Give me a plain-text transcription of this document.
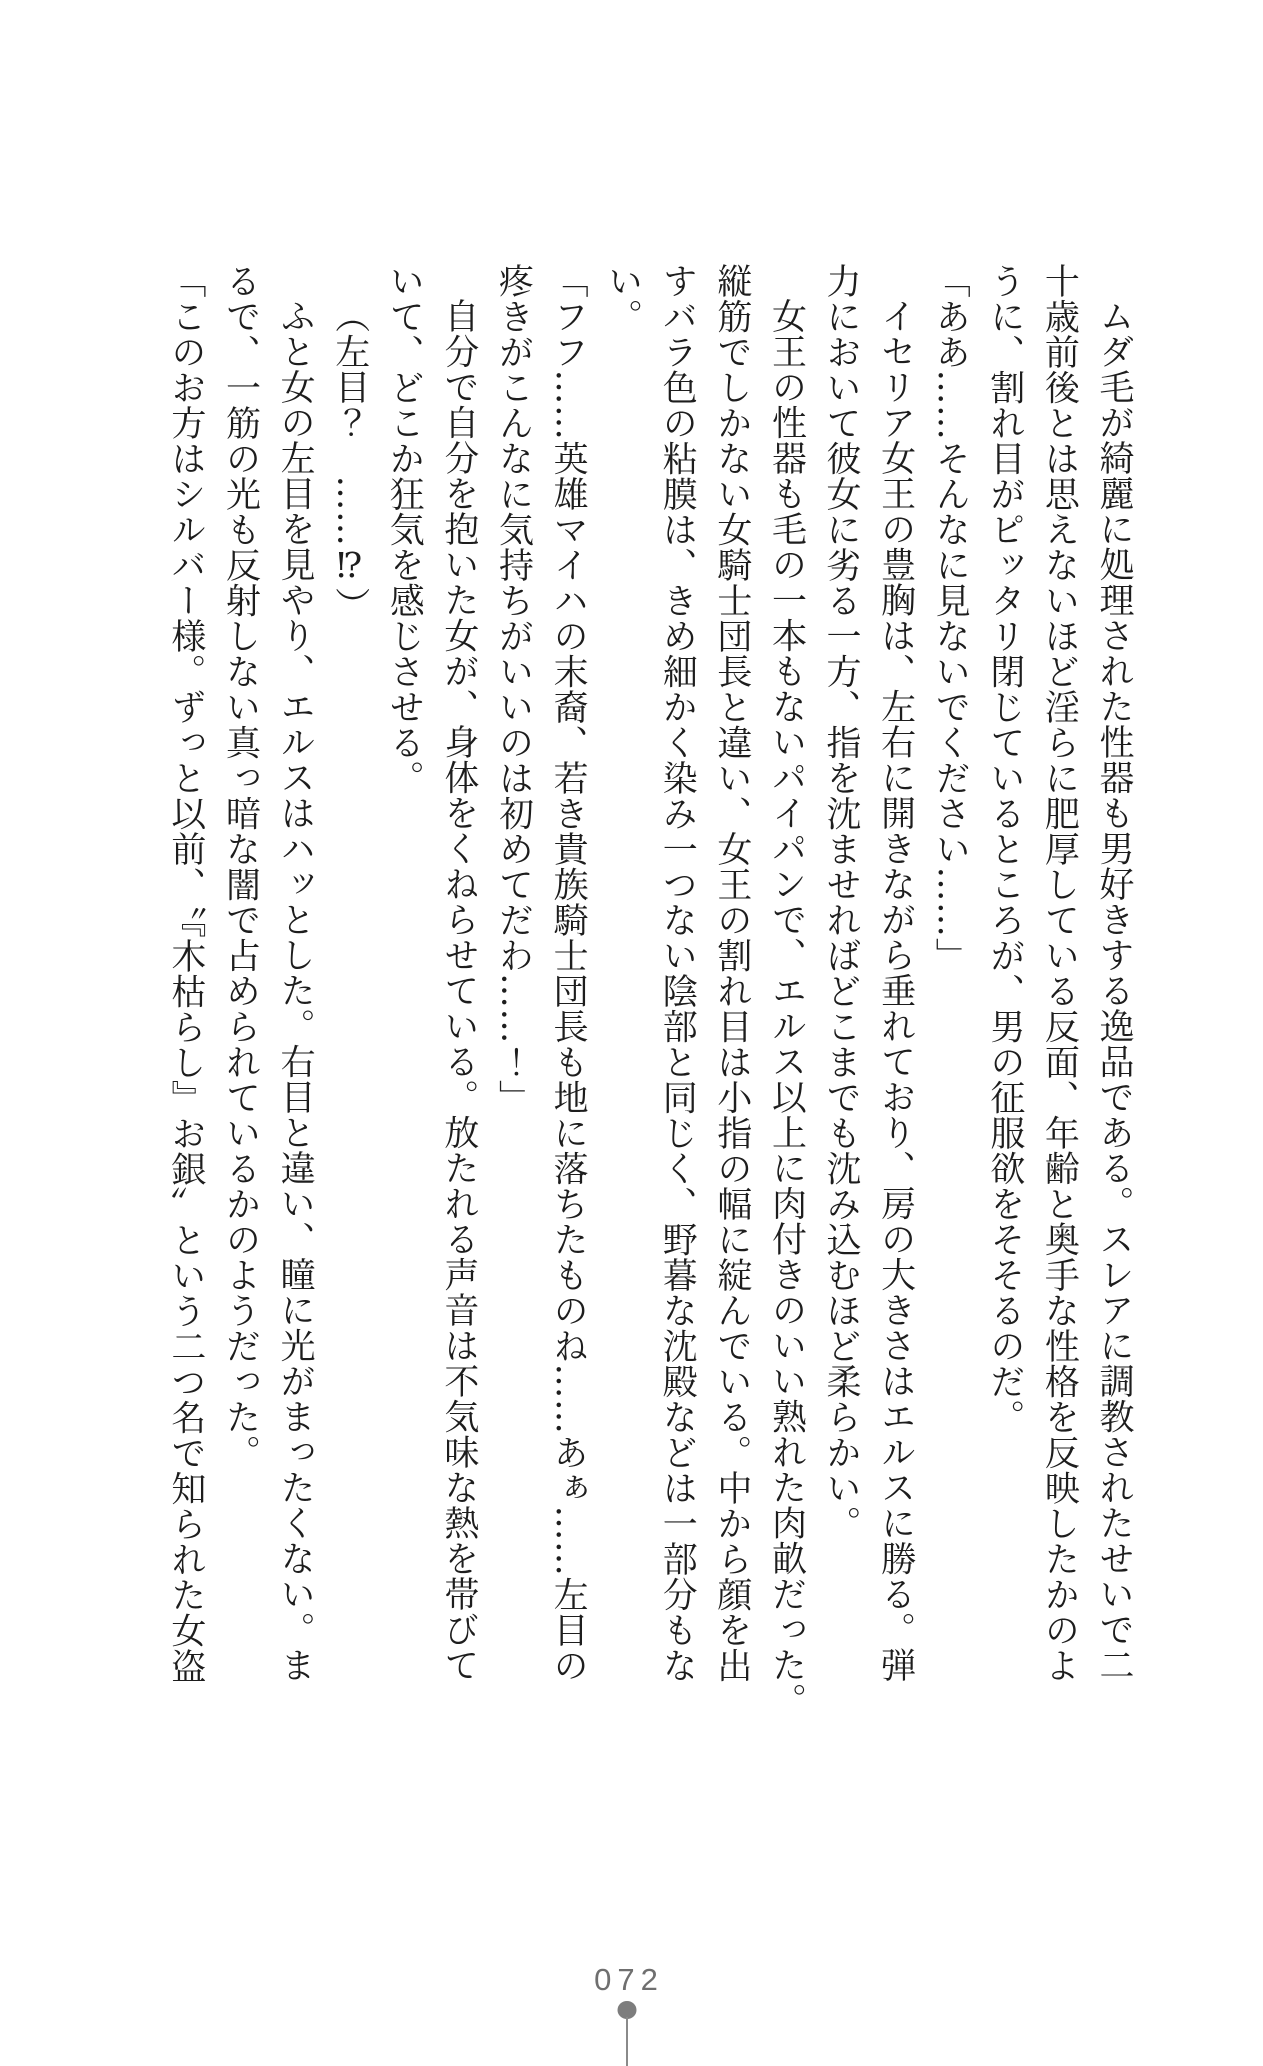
ムダ毛が綺麗に処理された性器も男好きする逸品である。スレアに調教されたせいで二

十歳前後とは思えないほど淫らに肥厚している反面、年齢と奥手な性格を反映したかのよ

うに、割れ目がピッタリ閉じているところが、男の征服欲をそそるのだ。

「ああ……そんなに見ないでください……」

イセリア女王の豊胸は、左右に開きながら垂れており、房の大きさはエルスに勝る。弾

力において彼女に劣る一方、指を沈ませればどこまでも沈み込むほど柔らかい。

女王の性器も毛の一本もないパイパンで、エルス以上に肉付きのいい熟れた肉畝だった。

縦筋でしかない女騎士団長と違い、女王の割れ目は小指の幅に綻んでいる。中から顔を出

すバラ色の粘膜は、きめ細かく染み一つない陰部と同じく、野暮な沈殿などは一部分もな

い。

「フフ……英雄マイハの末裔、若き貴族騎士団長も地に落ちたものね……あぁ……左目の

疼きがこんなに気持ちがいいのは初めてだわ……！」

自分で自分を抱いた女が、身体をくねらせている。放たれる声音は不気味な熱を帯びて

いて、どこか狂気を感じさせる。

（左目？　……⁉）

ふと女の左目を見やり、エルスはハッとした。右目と違い、瞳に光がまったくない。ま

るで、一筋の光も反射しない真っ暗な闇で占められているかのようだった。

「このお方はシルバー様。ずっと以前、〝『木枯らし』お銀〟という二つ名で知られた女盗

072
